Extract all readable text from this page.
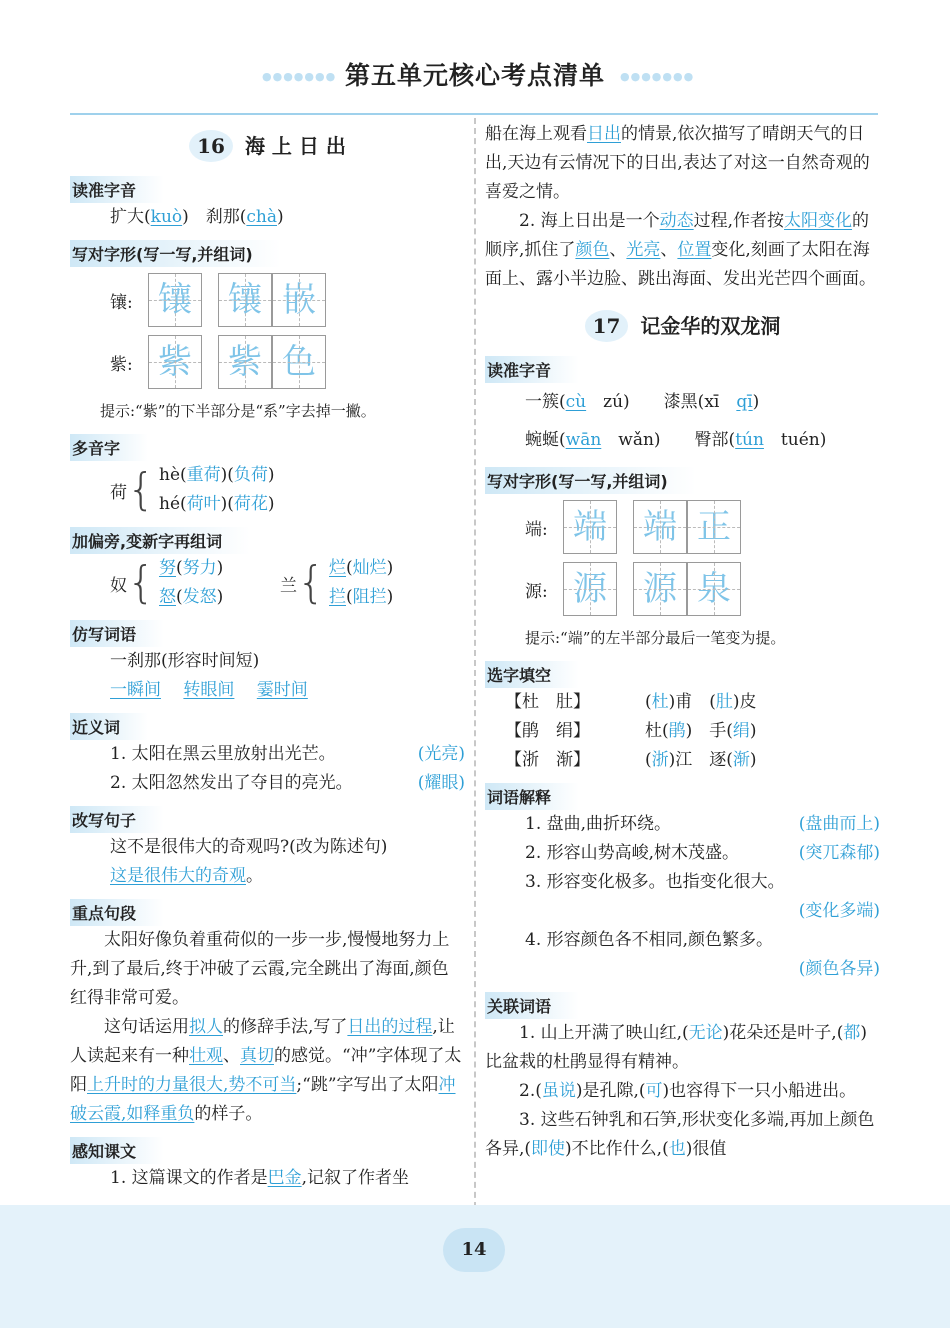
第五单元核心考点清单
●●●●●●●	●●●●●●●
16 海 上 日 出
读准字音
扩大(kuò)　刹那(chà)
写对字形(写一写,并组词)
镶: 镶 镶 嵌
紫: 紫 紫 色
提示:“紫”的下半部分是“系”字去掉一撇。
多音字
荷 { hè(重荷)(负荷)
hé(荷叶)(荷花)
加偏旁,变新字再组词
奴 { 努(努力)
怒(发怒)
兰 { 烂(灿烂)
拦(阻拦)
仿写词语
一刹那(形容时间短)
一瞬间　 转眼间　 霎时间
近义词
1. 太阳在黑云里放射出光芒。	(光亮)
2. 太阳忽然发出了夺目的亮光。	(耀眼)
改写句子
这不是很伟大的奇观吗?(改为陈述句)
这是很伟大的奇观。
重点句段
太阳好像负着重荷似的一步一步,慢慢地努力上升,到了最后,终于冲破了云霞,完全跳出了海面,颜色红得非常可爱。
这句话运用拟人的修辞手法,写了日出的过程,让人读起来有一种壮观、真切的感觉。“冲”字体现了太阳上升时的力量很大,势不可当;“跳”字写出了太阳冲破云霞,如释重负的样子。
感知课文
1. 这篇课文的作者是巴金,记叙了作者坐
船在海上观看日出的情景,依次描写了晴朗天气的日出,天边有云情况下的日出,表达了对这一自然奇观的喜爱之情。
2. 海上日出是一个动态过程,作者按太阳变化的顺序,抓住了颜色、光亮、位置变化,刻画了太阳在海面上、露小半边脸、跳出海面、发出光芒四个画面。
17 记金华的双龙洞
读准字音
一簇(cù　zú)　　漆黑(xī　 qī)
蜿蜒(wān　wǎn)　　臀部(tún　tuén)
写对字形(写一写,并组词)
端: 端 端 正
源: 源 源 泉
提示:“端”的左半部分最后一笔变为提。
选字填空
【杜　肚】	(杜)甫　(肚)皮
【鹃　绢】	杜(鹃)　手(绢)
【浙　渐】	(浙)江　逐(渐)
词语解释
1. 盘曲,曲折环绕。	(盘曲而上)
2. 形容山势高峻,树木茂盛。	(突兀森郁)
3. 形容变化极多。也指变化很大。
(变化多端)
4. 形容颜色各不相同,颜色繁多。
(颜色各异)
关联词语
1. 山上开满了映山红,(无论)花朵还是叶子,(都)比盆栽的杜鹃显得有精神。
2.(虽说)是孔隙,(可)也容得下一只小船进出。
3. 这些石钟乳和石笋,形状变化多端,再加上颜色各异,(即使)不比作什么,(也)很值
14
